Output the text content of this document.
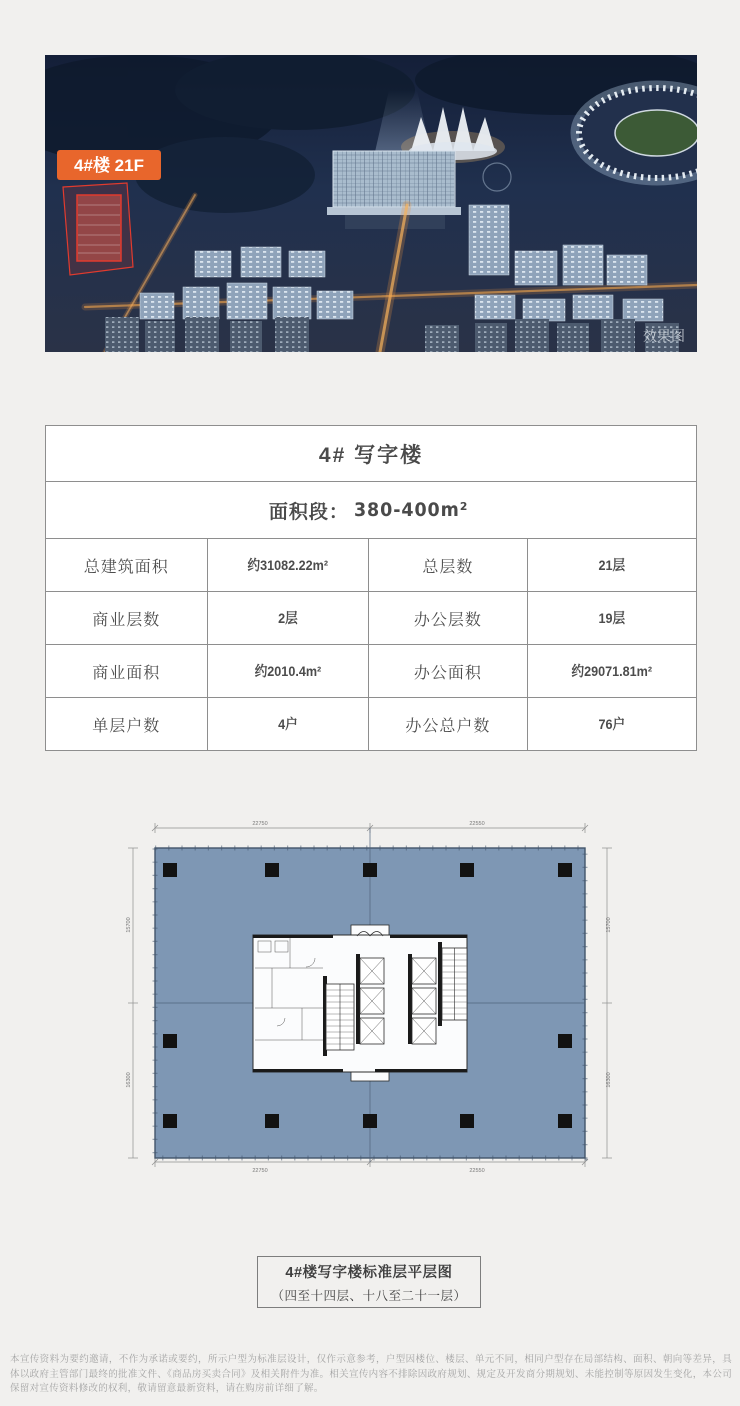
4#楼 21F
效果图
4# 写字楼
面积段： 380-400m²
总建筑面积	约31082.22m²	总层数	21层
商业层数	2层	办公层数	19层
商业面积	约2010.4m²	办公面积	约29071.81m²
单层户数	4户	办公总户数	76户
22750	22550
22750	22550
15700
16300
15700
16300
4#楼写字楼标准层平层图
（四至十四层、十八至二十一层）
本宣传资料为要约邀请，不作为承诺或要约，所示户型为标准层设计，仅作示意参考，户型因楼位、楼层、单元不同，相同户型存在局部结构、面积、朝向等差异，具体以政府主管部门最终的批准文件、《商品房买卖合同》及相关附件为准。相关宣传内容不排除因政府规划、规定及开发商分期规划、未能控制等原因发生变化，本公司保留对宣传资料修改的权利，敬请留意最新资料，请在购房前详细了解。
